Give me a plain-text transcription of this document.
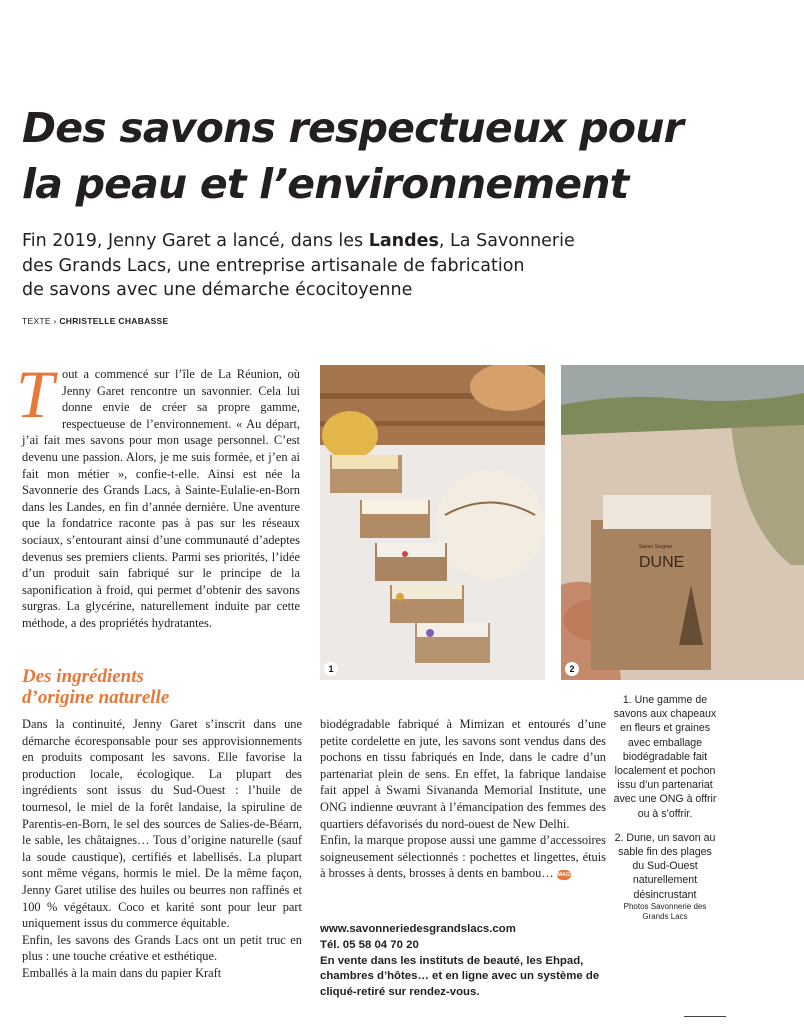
Des savons respectueux pour
la peau et l’environnement

Fin 2019, Jenny Garet a lancé, dans les Landes, La Savonnerie
des Grands Lacs, une entreprise artisanale de fabrication
de savons avec une démarche écocitoyenne

TEXTE › CHRISTELLE CHABASSE
Tout a commencé sur l’île de La Réunion, où Jenny Garet rencontre un savonnier. Cela lui donne envie de créer sa propre gamme, respectueuse de l’environnement. « Au départ, j’ai fait mes savons pour mon usage personnel. C’est devenu une passion. Alors, je me suis formée, et j’en ai fait mon métier », confie-t-elle. Ainsi est née la Savonnerie des Grands Lacs, à Sainte-Eulalie-en-Born dans les Landes, en fin d’année dernière. Une aventure que la fondatrice raconte pas à pas sur les réseaux sociaux, s’entourant ainsi d’une communauté d’adeptes devenus ses premiers clients. Parmi ses priorités, l’idée d’un produit sain fabriqué sur le principe de la saponification à froid, qui permet d’obtenir des savons surgras. La glycérine, naturellement induite par cette méthode, a des propriétés hydratantes.
Des ingrédients
d’origine naturelle

Dans la continuité, Jenny Garet s’inscrit dans une démarche écoresponsable pour ses approvisionnements en produits composant les savons. Elle favorise la production locale, écologique. La plupart des ingrédients sont issus du Sud-Ouest : l’huile de tournesol, le miel de la forêt landaise, la spiruline de Parentis-en-Born, le sel des sources de Salies-de-Béarn, le sable, les châtaignes… Tous d’origine naturelle (sauf la soude caustique), certifiés et labellisés. La plupart sont même végans, hormis le miel. De la même façon, Jenny Garet utilise des huiles ou beurres non raffinés et 100 % végétaux. Coco et karité sont pour leur part uniquement issus du commerce équitable.

Enfin, les savons des Grands Lacs ont un petit truc en plus : une touche créative et esthétique.

Emballés à la main dans du papier Kraft

biodégradable fabriqué à Mimizan et entourés d’une petite cordelette en jute, les savons sont vendus dans des pochons en tissu fabriqués en Inde, dans le cadre d’un partenariat plein de sens. En effet, la fabrique landaise fait appel à Swami Sivananda Memorial Institute, une ONG indienne œuvrant à l’émancipation des femmes des quartiers défavorisés du nord-ouest de New Delhi.

Enfin, la marque propose aussi une gamme d’accessoires soigneusement sélectionnés : pochettes et lingettes, étuis à brosses à dents, brosses à dents en bambou… MAG

www.savonneriedesgrandslacs.com
Tél. 05 58 04 70 20
En vente dans les instituts de beauté, les Ehpad, chambres d’hôtes… et en ligne avec un système de cliqué-retiré sur rendez-vous.
1
Savon Surgras
DUNE
2

1. Une gamme de savons aux chapeaux en fleurs et graines avec emballage biodégradable fait localement et pochon issu d’un partenariat avec une ONG à offrir ou à s’offrir.

2. Dune, un savon au sable fin des plages du Sud-Ouest naturellement désincrustant

Photos Savonnerie des Grands Lacs
